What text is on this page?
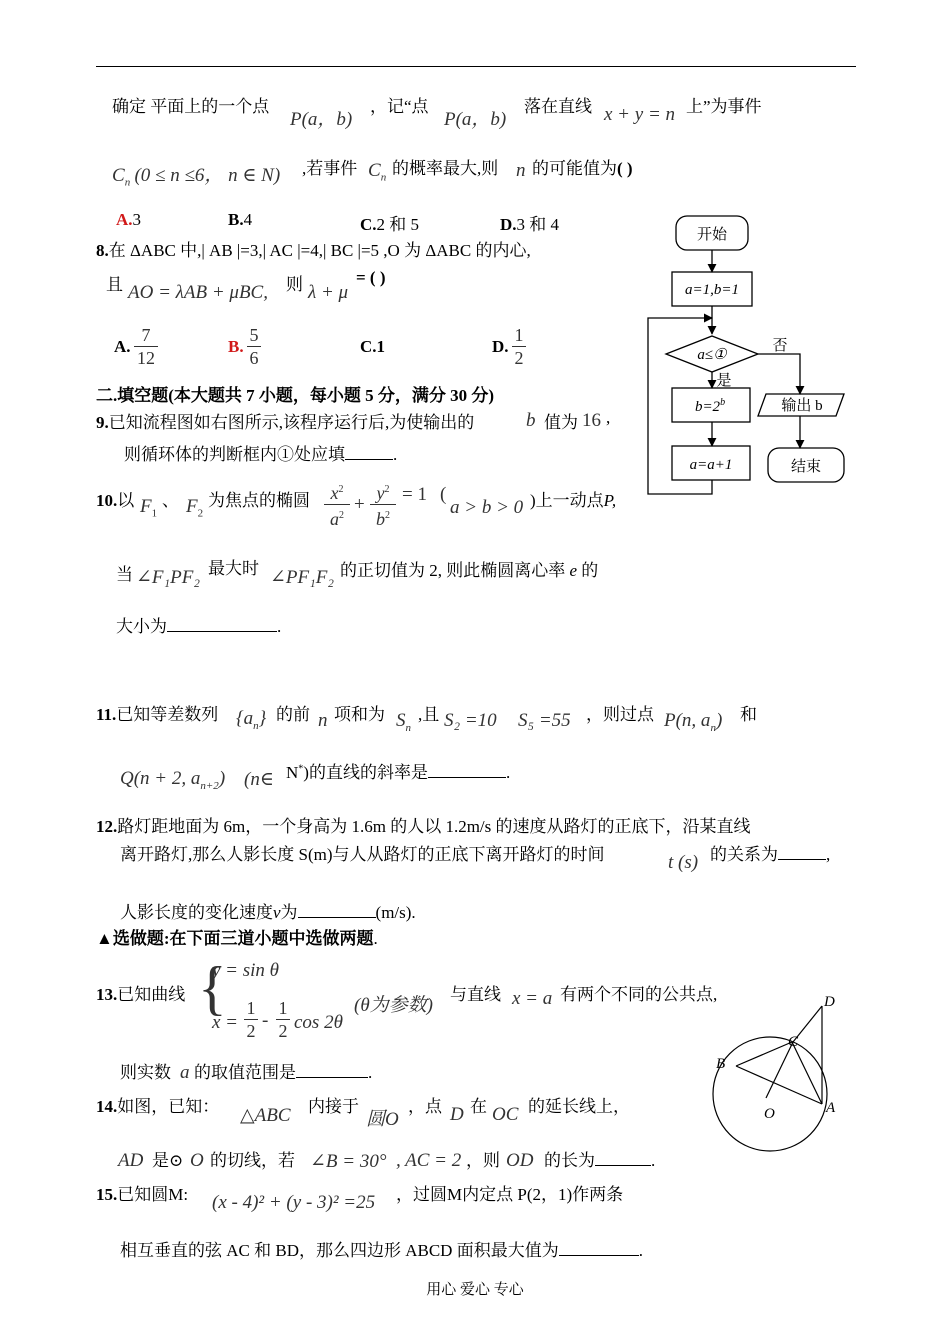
确定 平面上的一个点
P(a，b)
，记“点
P(a，b)
落在直线 x + y = n 上”为事件
$C_n$ (0 ≤ n ≤6， n ∈ N) ,若事件 $C_n$ 的概率最大,则 n 的可能值为( )
A.3	B.4	C.2 和 5	D.3 和 4
8.在 ΔABC 中,| AB |=3,| AC |=4,| BC |=5 ,O 为 ΔABC 的内心,
且 AO = λAB + μBC, 则 λ + μ
= ( )
A.
7
12
B.
5
6
C.1	D.
1
2
二.填空题(本大题共 7 小题，每小题 5 分，满分 30 分)
9.已知流程图如右图所示,该程序运行后,为使输出的	b 值为 16 ,
则循环体的判断框内①处应填	.
10.以 $F_1$
、 $F_2$
为焦点的椭圆	$x^2$
$a^2$
+
$y^2$
$b^2$
= 1 (
a > b > 0 )上一动点P,
当 ∠F₁PF₂ 最大时 ∠PF₁F₂ 的正切值为 2, 则此椭圆离心率 e 的
大小为	.
11.已知等差数列 $\{a_n\}$ 的前 n 项和为 $S_n$
,且 S₂ =10 S₅ =55 ，则过点 P(n, $a_n$) 和
Q(n + 2, $a_{n+2}$) (n∈ N*)的直线的斜率是	.
12.路灯距地面为 6m，一个身高为 1.6m 的人以 1.2m/s 的速度从路灯的正底下，沿某直线
离开路灯,那么人影长度 S(m)与人从路灯的正底下离开路灯的时间	t (s) 的关系为	,
人影长度的变化速度v为	(m/s).
▲选做题:在下面三道小题中选做两题.
13.已知曲线 {
y = sin θ
x =
1
2 -
1
2 cos 2θ
(θ为参数)
与直线 x = a 有两个不同的公共点,
则实数 a 的取值范围是	.
14.如图，已知： △ABC 内接于
圆O
，点 D 在 OC 的延长线上，
AD 是⊙ O 的切线，若 ∠B = 30° , AC = 2 ，则 OD 的长为	.
15.已知圆M: (x - 4)² + (y - 3)² =25 ，过圆M内定点 P(2，1)作两条
相互垂直的弦 AC 和 BD，那么四边形 ABCD 面积最大值为	.
开始
a=1,b=1
a≤①
否
是
$b=2^b$	输出 b
a=a+1	结束
D
C
B
O	A
用心 爱心 专心
